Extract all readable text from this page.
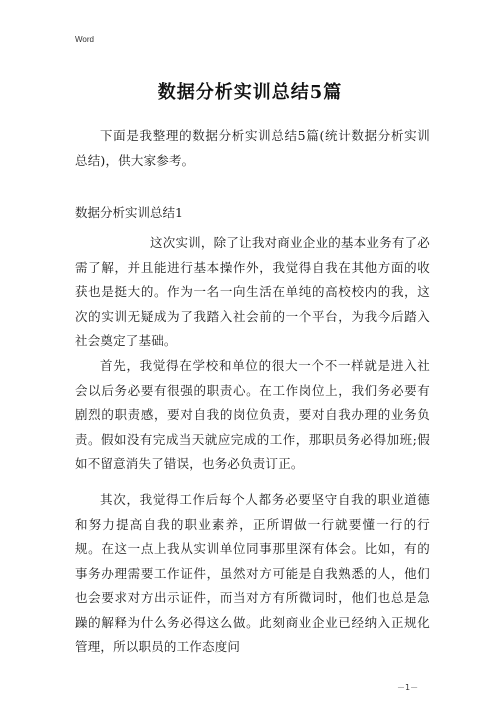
Word
数据分析实训总结5篇
下面是我整理的数据分析实训总结5篇(统计数据分析实训总结)，供大家参考。
数据分析实训总结1
这次实训，除了让我对商业企业的基本业务有了必需了解，并且能进行基本操作外，我觉得自我在其他方面的收获也是挺大的。作为一名一向生活在单纯的高校校内的我，这次的实训无疑成为了我踏入社会前的一个平台，为我今后踏入社会奠定了基础。
首先，我觉得在学校和单位的很大一个不一样就是进入社会以后务必要有很强的职责心。在工作岗位上，我们务必要有剧烈的职责感，要对自我的岗位负责，要对自我办理的业务负责。假如没有完成当天就应完成的工作，那职员务必得加班;假如不留意消失了错误，也务必负责订正。
其次，我觉得工作后每个人都务必要坚守自我的职业道德和努力提高自我的职业素养，正所谓做一行就要懂一行的行规。在这一点上我从实训单位同事那里深有体会。比如，有的事务办理需要工作证件，虽然对方可能是自我熟悉的人，他们也会要求对方出示证件，而当对方有所微词时，他们也总是急躁的解释为什么务必得这么做。此刻商业企业已经纳入正规化管理，所以职员的工作态度问
－1－
